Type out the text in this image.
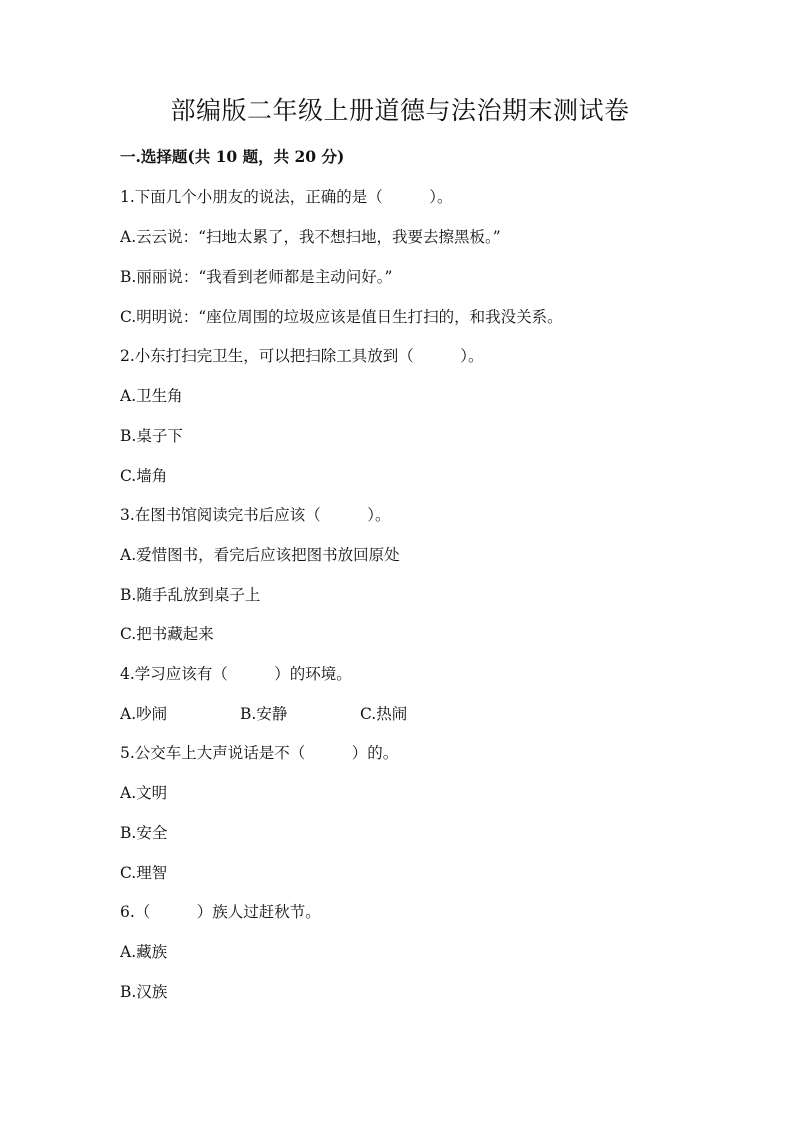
部编版二年级上册道德与法治期末测试卷
一.选择题(共 10 题，共 20 分)

1.下面几个小朋友的说法，正确的是（　　　）。

A.云云说：“扫地太累了，我不想扫地，我要去擦黑板。”

B.丽丽说：“我看到老师都是主动问好。”

C.明明说：“座位周围的垃圾应该是值日生打扫的，和我没关系。

2.小东打扫完卫生，可以把扫除工具放到（　　　）。

A.卫生角

B.桌子下

C.墙角

3.在图书馆阅读完书后应该（　　　）。

A.爱惜图书，看完后应该把图书放回原处

B.随手乱放到桌子上

C.把书藏起来

4.学习应该有（　　　）的环境。

A.吵闹	B.安静	C.热闹

5.公交车上大声说话是不（　　　）的。

A.文明

B.安全

C.理智

6.（　　　）族人过赶秋节。

A.藏族

B.汉族
